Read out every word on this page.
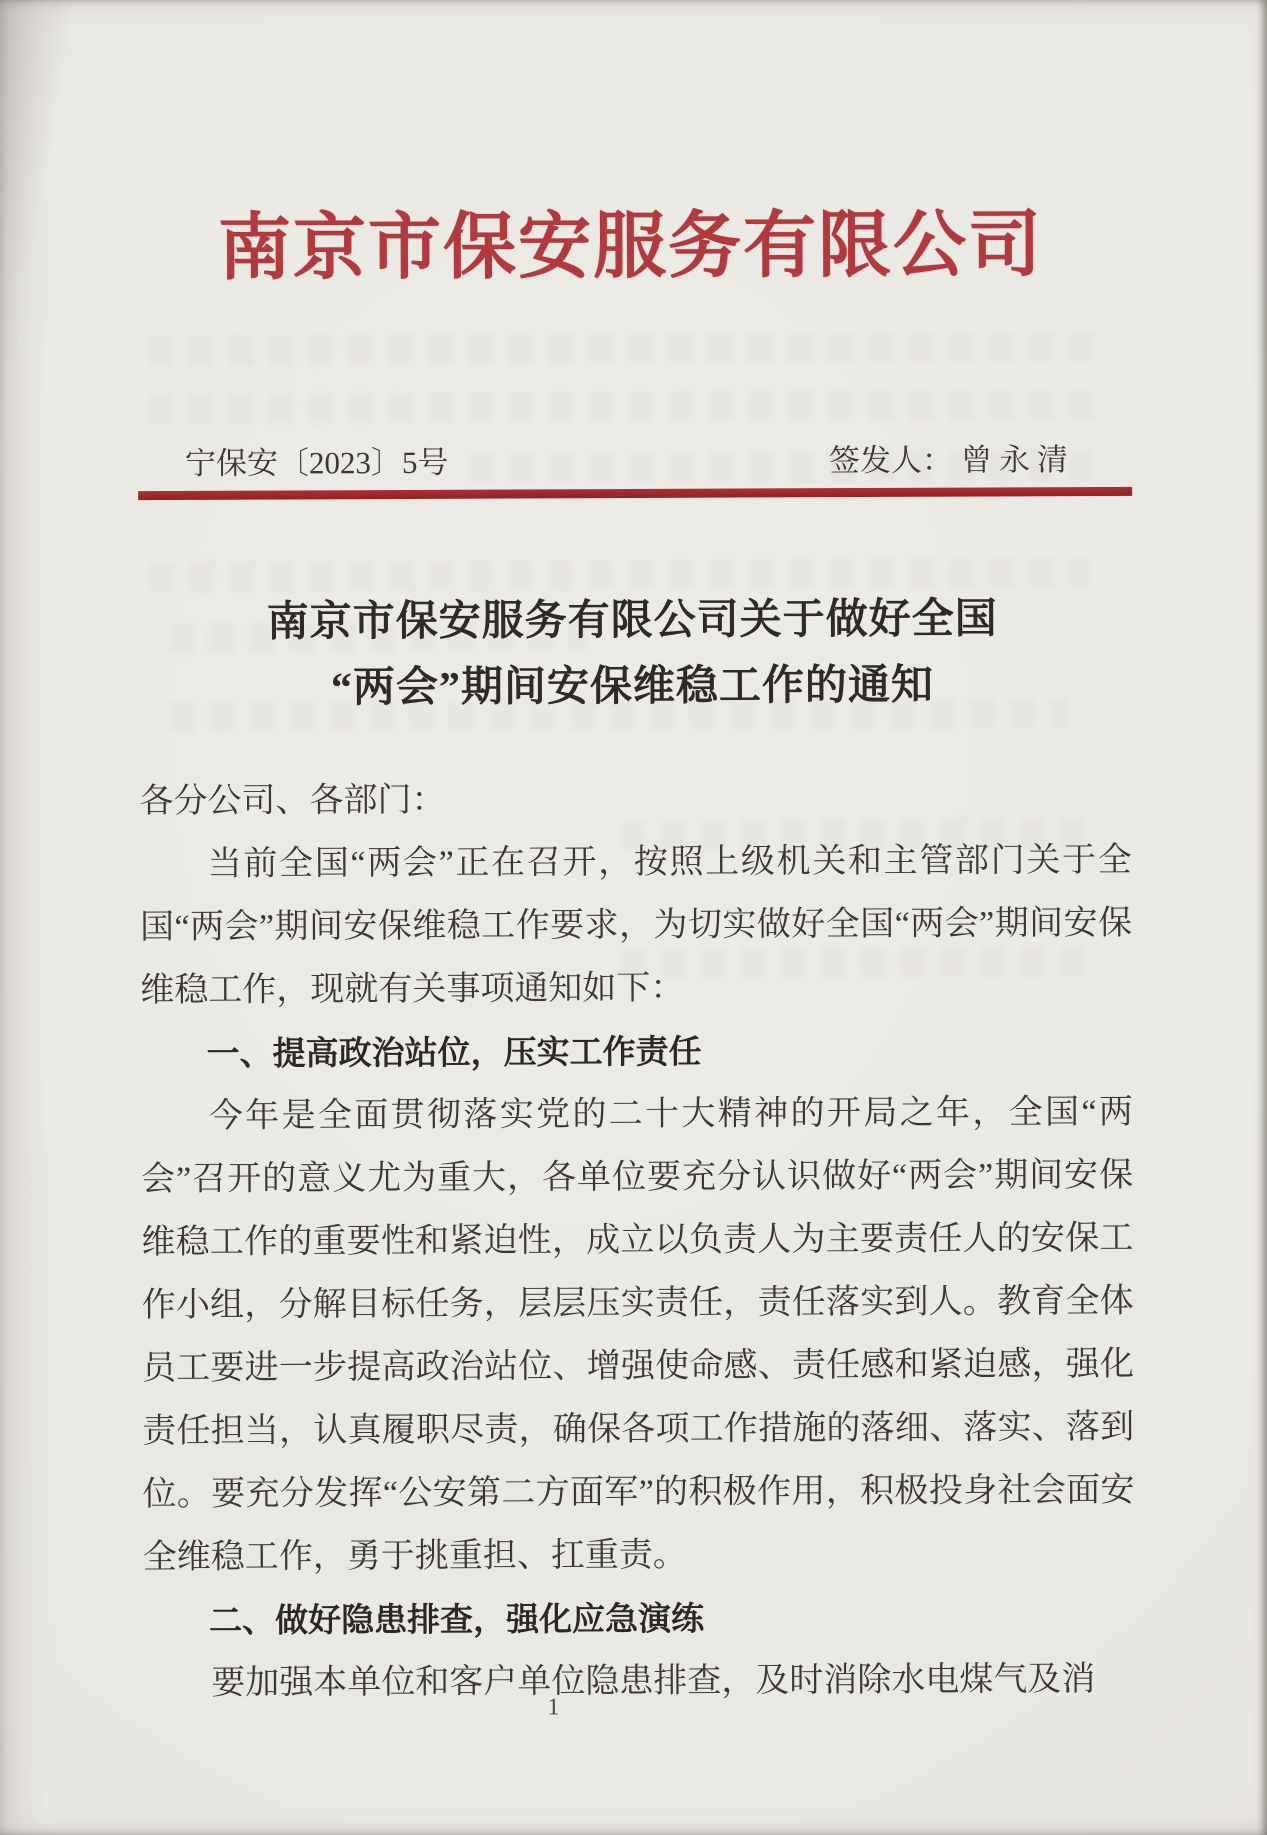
南京市保安服务有限公司
宁保安〔2023〕5号	签发人： 曾永清
南京市保安服务有限公司关于做好全国
“两会”期间安保维稳工作的通知

各分公司、各部门：

当前全国“两会”正在召开，按照上级机关和主管部门关于全国“两会”期间安保维稳工作要求，为切实做好全国“两会”期间安保维稳工作，现就有关事项通知如下：

一、提高政治站位，压实工作责任

今年是全面贯彻落实党的二十大精神的开局之年，全国“两会”召开的意义尤为重大，各单位要充分认识做好“两会”期间安保维稳工作的重要性和紧迫性，成立以负责人为主要责任人的安保工作小组，分解目标任务，层层压实责任，责任落实到人。教育全体员工要进一步提高政治站位、增强使命感、责任感和紧迫感，强化责任担当，认真履职尽责，确保各项工作措施的落细、落实、落到位。要充分发挥“公安第二方面军”的积极作用，积极投身社会面安全维稳工作，勇于挑重担、扛重责。

二、做好隐患排查，强化应急演练

要加强本单位和客户单位隐患排查，及时消除水电煤气及消

1
